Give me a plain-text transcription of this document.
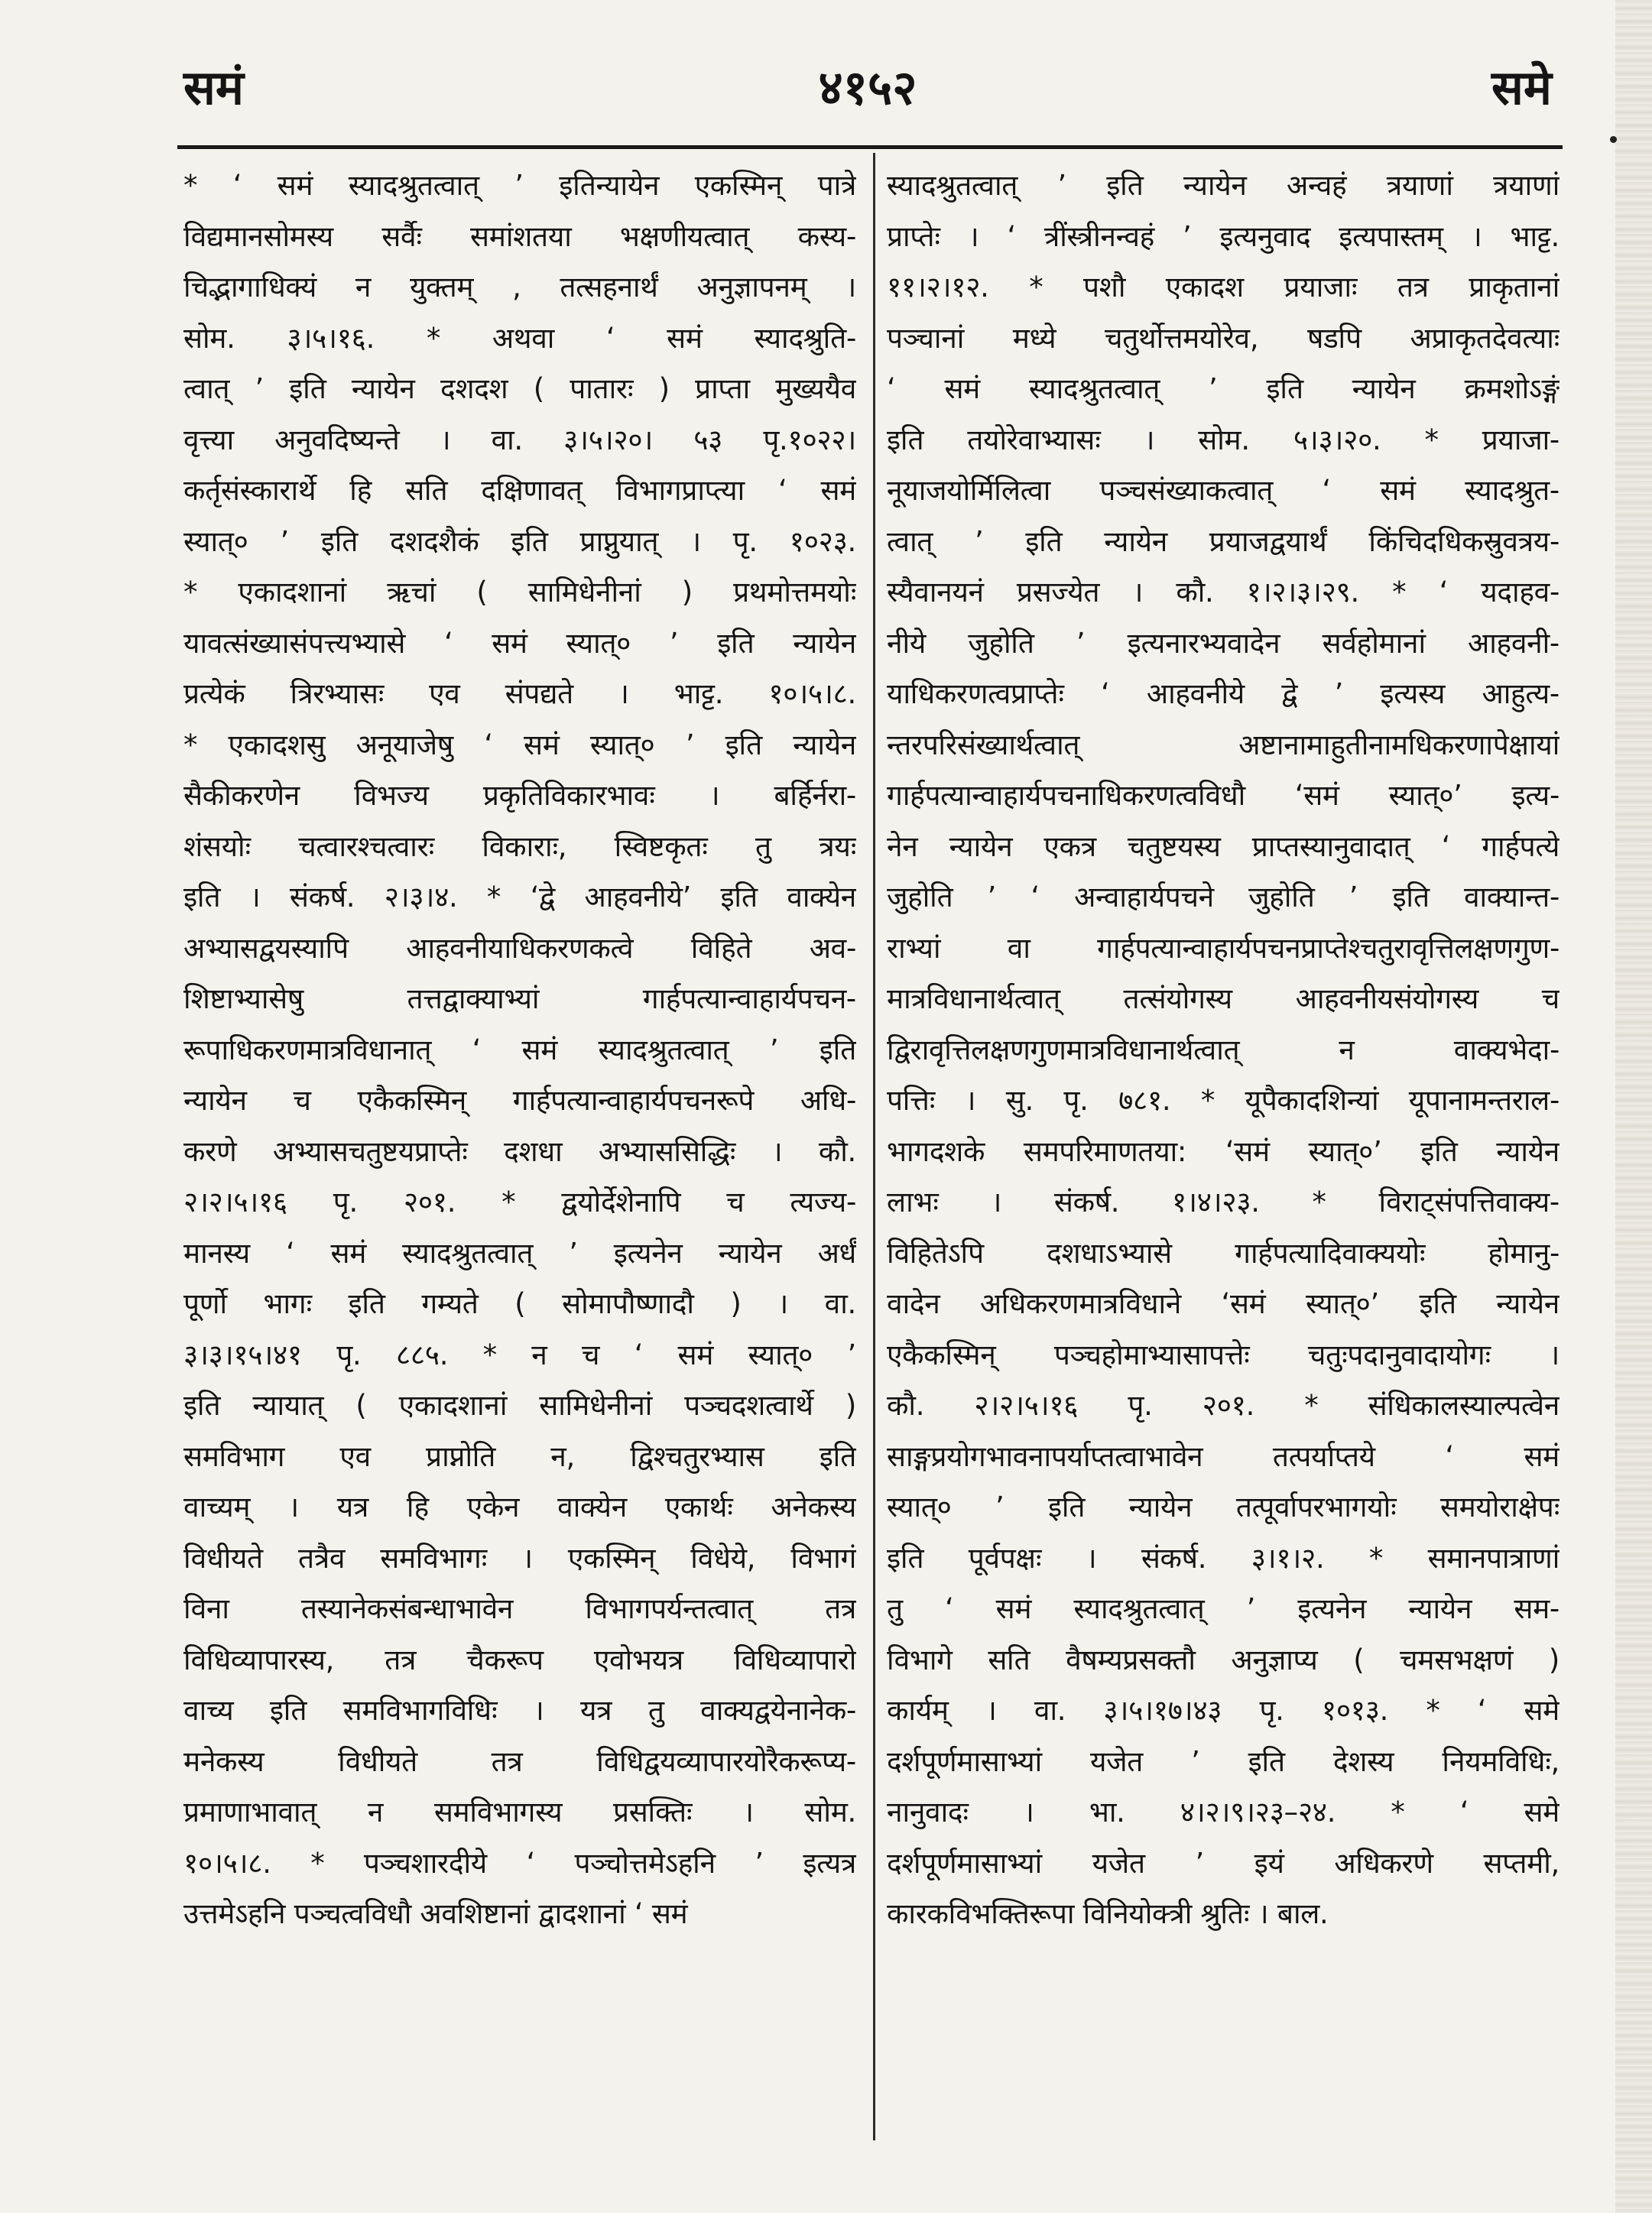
समं	४१५२	समे
* ‘ समं स्यादश्रुतत्वात् ’ इतिन्यायेन एकस्मिन् पात्रे
विद्यमानसोमस्य सर्वैः समांशतया भक्षणीयत्वात् कस्य-
चिद्भागाधिक्यं न युक्तम् , तत्सहनार्थं अनुज्ञापनम् ।
सोम. ३।५।१६. * अथवा ‘ समं स्यादश्रुति-
त्वात् ’ इति न्यायेन दशदश ( पातारः ) प्राप्ता मुख्ययैव
वृत्त्या अनुवदिष्यन्ते । वा. ३।५।२०। ५३ पृ.१०२२।
कर्तृसंस्कारार्थे हि सति दक्षिणावत् विभागप्राप्त्या ‘ समं
स्यात्० ’ इति दशदशैकं इति प्राप्नुयात् । पृ. १०२३.
* एकादशानां ऋचां ( सामिधेनीनां ) प्रथमोत्तमयोः
यावत्संख्यासंपत्त्यभ्यासे ‘ समं स्यात्० ’ इति न्यायेन
प्रत्येकं त्रिरभ्यासः एव संपद्यते । भाट्ट. १०।५।८.
* एकादशसु अनूयाजेषु ‘ समं स्यात्० ’ इति न्यायेन
सैकीकरणेन विभज्य प्रकृतिविकारभावः । बर्हिर्नरा-
शंसयोः चत्वारश्चत्वारः विकाराः, स्विष्टकृतः तु त्रयः
इति । संकर्ष. २।३।४. * ‘द्वे आहवनीये’ इति वाक्येन
अभ्यासद्वयस्यापि आहवनीयाधिकरणकत्वे विहिते अव-
शिष्टाभ्यासेषु तत्तद्वाक्याभ्यां गार्हपत्यान्वाहार्यपचन-
रूपाधिकरणमात्रविधानात् ‘ समं स्यादश्रुतत्वात् ’ इति
न्यायेन च एकैकस्मिन् गार्हपत्यान्वाहार्यपचनरूपे अधि-
करणे अभ्यासचतुष्टयप्राप्तेः दशधा अभ्याससिद्धिः । कौ.
२।२।५।१६ पृ. २०१. * द्वयोर्देशेनापि च त्यज्य-
मानस्य ‘ समं स्यादश्रुतत्वात् ’ इत्यनेन न्यायेन अर्धं
पूर्णो भागः इति गम्यते ( सोमापौष्णादौ ) । वा.
३।३।१५।४१ पृ. ८८५. * न च ‘ समं स्यात्० ’
इति न्यायात् ( एकादशानां सामिधेनीनां पञ्चदशत्वार्थे )
समविभाग एव प्राप्नोति न, द्विश्चतुरभ्यास इति
वाच्यम् । यत्र हि एकेन वाक्येन एकार्थः अनेकस्य
विधीयते तत्रैव समविभागः । एकस्मिन् विधेये, विभागं
विना तस्यानेकसंबन्धाभावेन विभागपर्यन्तत्वात् तत्र
विधिव्यापारस्य, तत्र चैकरूप एवोभयत्र विधिव्यापारो
वाच्य इति समविभागविधिः । यत्र तु वाक्यद्वयेनानेक-
मनेकस्य विधीयते तत्र विधिद्वयव्यापारयोरैकरूप्य-
प्रमाणाभावात् न समविभागस्य प्रसक्तिः । सोम.
१०।५।८. * पञ्चशारदीये ‘ पञ्चोत्तमेऽहनि ’ इत्यत्र
उत्तमेऽहनि पञ्चत्वविधौ अवशिष्टानां द्वादशानां ‘ समं
स्यादश्रुतत्वात् ’ इति न्यायेन अन्वहं त्रयाणां त्रयाणां
प्राप्तेः । ‘ त्रींस्त्रीनन्वहं ’ इत्यनुवाद इत्यपास्तम् । भाट्ट.
११।२।१२. * पशौ एकादश प्रयाजाः तत्र प्राकृतानां
पञ्चानां मध्ये चतुर्थोत्तमयोरेव, षडपि अप्राकृतदेवत्याः
‘ समं स्यादश्रुतत्वात् ’ इति न्यायेन क्रमशोऽङ्गं
इति तयोरेवाभ्यासः । सोम. ५।३।२०. * प्रयाजा-
नूयाजयोर्मिलित्वा पञ्चसंख्याकत्वात् ‘ समं स्यादश्रुत-
त्वात् ’ इति न्यायेन प्रयाजद्वयार्थं किंचिदधिकस्रुवत्रय-
स्यैवानयनं प्रसज्येत । कौ. १।२।३।२९. * ‘ यदाहव-
नीये जुहोति ’ इत्यनारभ्यवादेन सर्वहोमानां आहवनी-
याधिकरणत्वप्राप्तेः ‘ आहवनीये द्वे ’ इत्यस्य आहुत्य-
न्तरपरिसंख्यार्थत्वात् अष्टानामाहुतीनामधिकरणापेक्षायां
गार्हपत्यान्वाहार्यपचनाधिकरणत्वविधौ ‘समं स्यात्०’ इत्य-
नेन न्यायेन एकत्र चतुष्टयस्य प्राप्तस्यानुवादात् ‘ गार्हपत्ये
जुहोति ’ ‘ अन्वाहार्यपचने जुहोति ’ इति वाक्यान्त-
राभ्यां वा गार्हपत्यान्वाहार्यपचनप्राप्तेश्चतुरावृत्तिलक्षणगुण-
मात्रविधानार्थत्वात् तत्संयोगस्य आहवनीयसंयोगस्य च
द्विरावृत्तिलक्षणगुणमात्रविधानार्थत्वात् न वाक्यभेदा-
पत्तिः । सु. पृ. ७८१. * यूपैकादशिन्यां यूपानामन्तराल-
भागदशके समपरिमाणतया: ‘समं स्यात्०’ इति न्यायेन
लाभः । संकर्ष. १।४।२३. * विराट्संपत्तिवाक्य-
विहितेऽपि दशधाऽभ्यासे गार्हपत्यादिवाक्ययोः होमानु-
वादेन अधिकरणमात्रविधाने ‘समं स्यात्०’ इति न्यायेन
एकैकस्मिन् पञ्चहोमाभ्यासापत्तेः चतुःपदानुवादायोगः ।
कौ. २।२।५।१६ पृ. २०१. * संधिकालस्याल्पत्वेन
साङ्गप्रयोगभावनापर्याप्तत्वाभावेन तत्पर्याप्तये ‘ समं
स्यात्० ’ इति न्यायेन तत्पूर्वापरभागयोः समयोराक्षेपः
इति पूर्वपक्षः । संकर्ष. ३।१।२. * समानपात्राणां
तु ‘ समं स्यादश्रुतत्वात् ’ इत्यनेन न्यायेन सम-
विभागे सति वैषम्यप्रसक्तौ अनुज्ञाप्य ( चमसभक्षणं )
कार्यम् । वा. ३।५।१७।४३ पृ. १०१३. * ‘ समे
दर्शपूर्णमासाभ्यां यजेत ’ इति देशस्य नियमविधिः,
नानुवादः । भा. ४।२।९।२३–२४. * ‘ समे
दर्शपूर्णमासाभ्यां यजेत ’ इयं अधिकरणे सप्तमी,
कारकविभक्तिरूपा विनियोक्त्री श्रुतिः । बाल.
